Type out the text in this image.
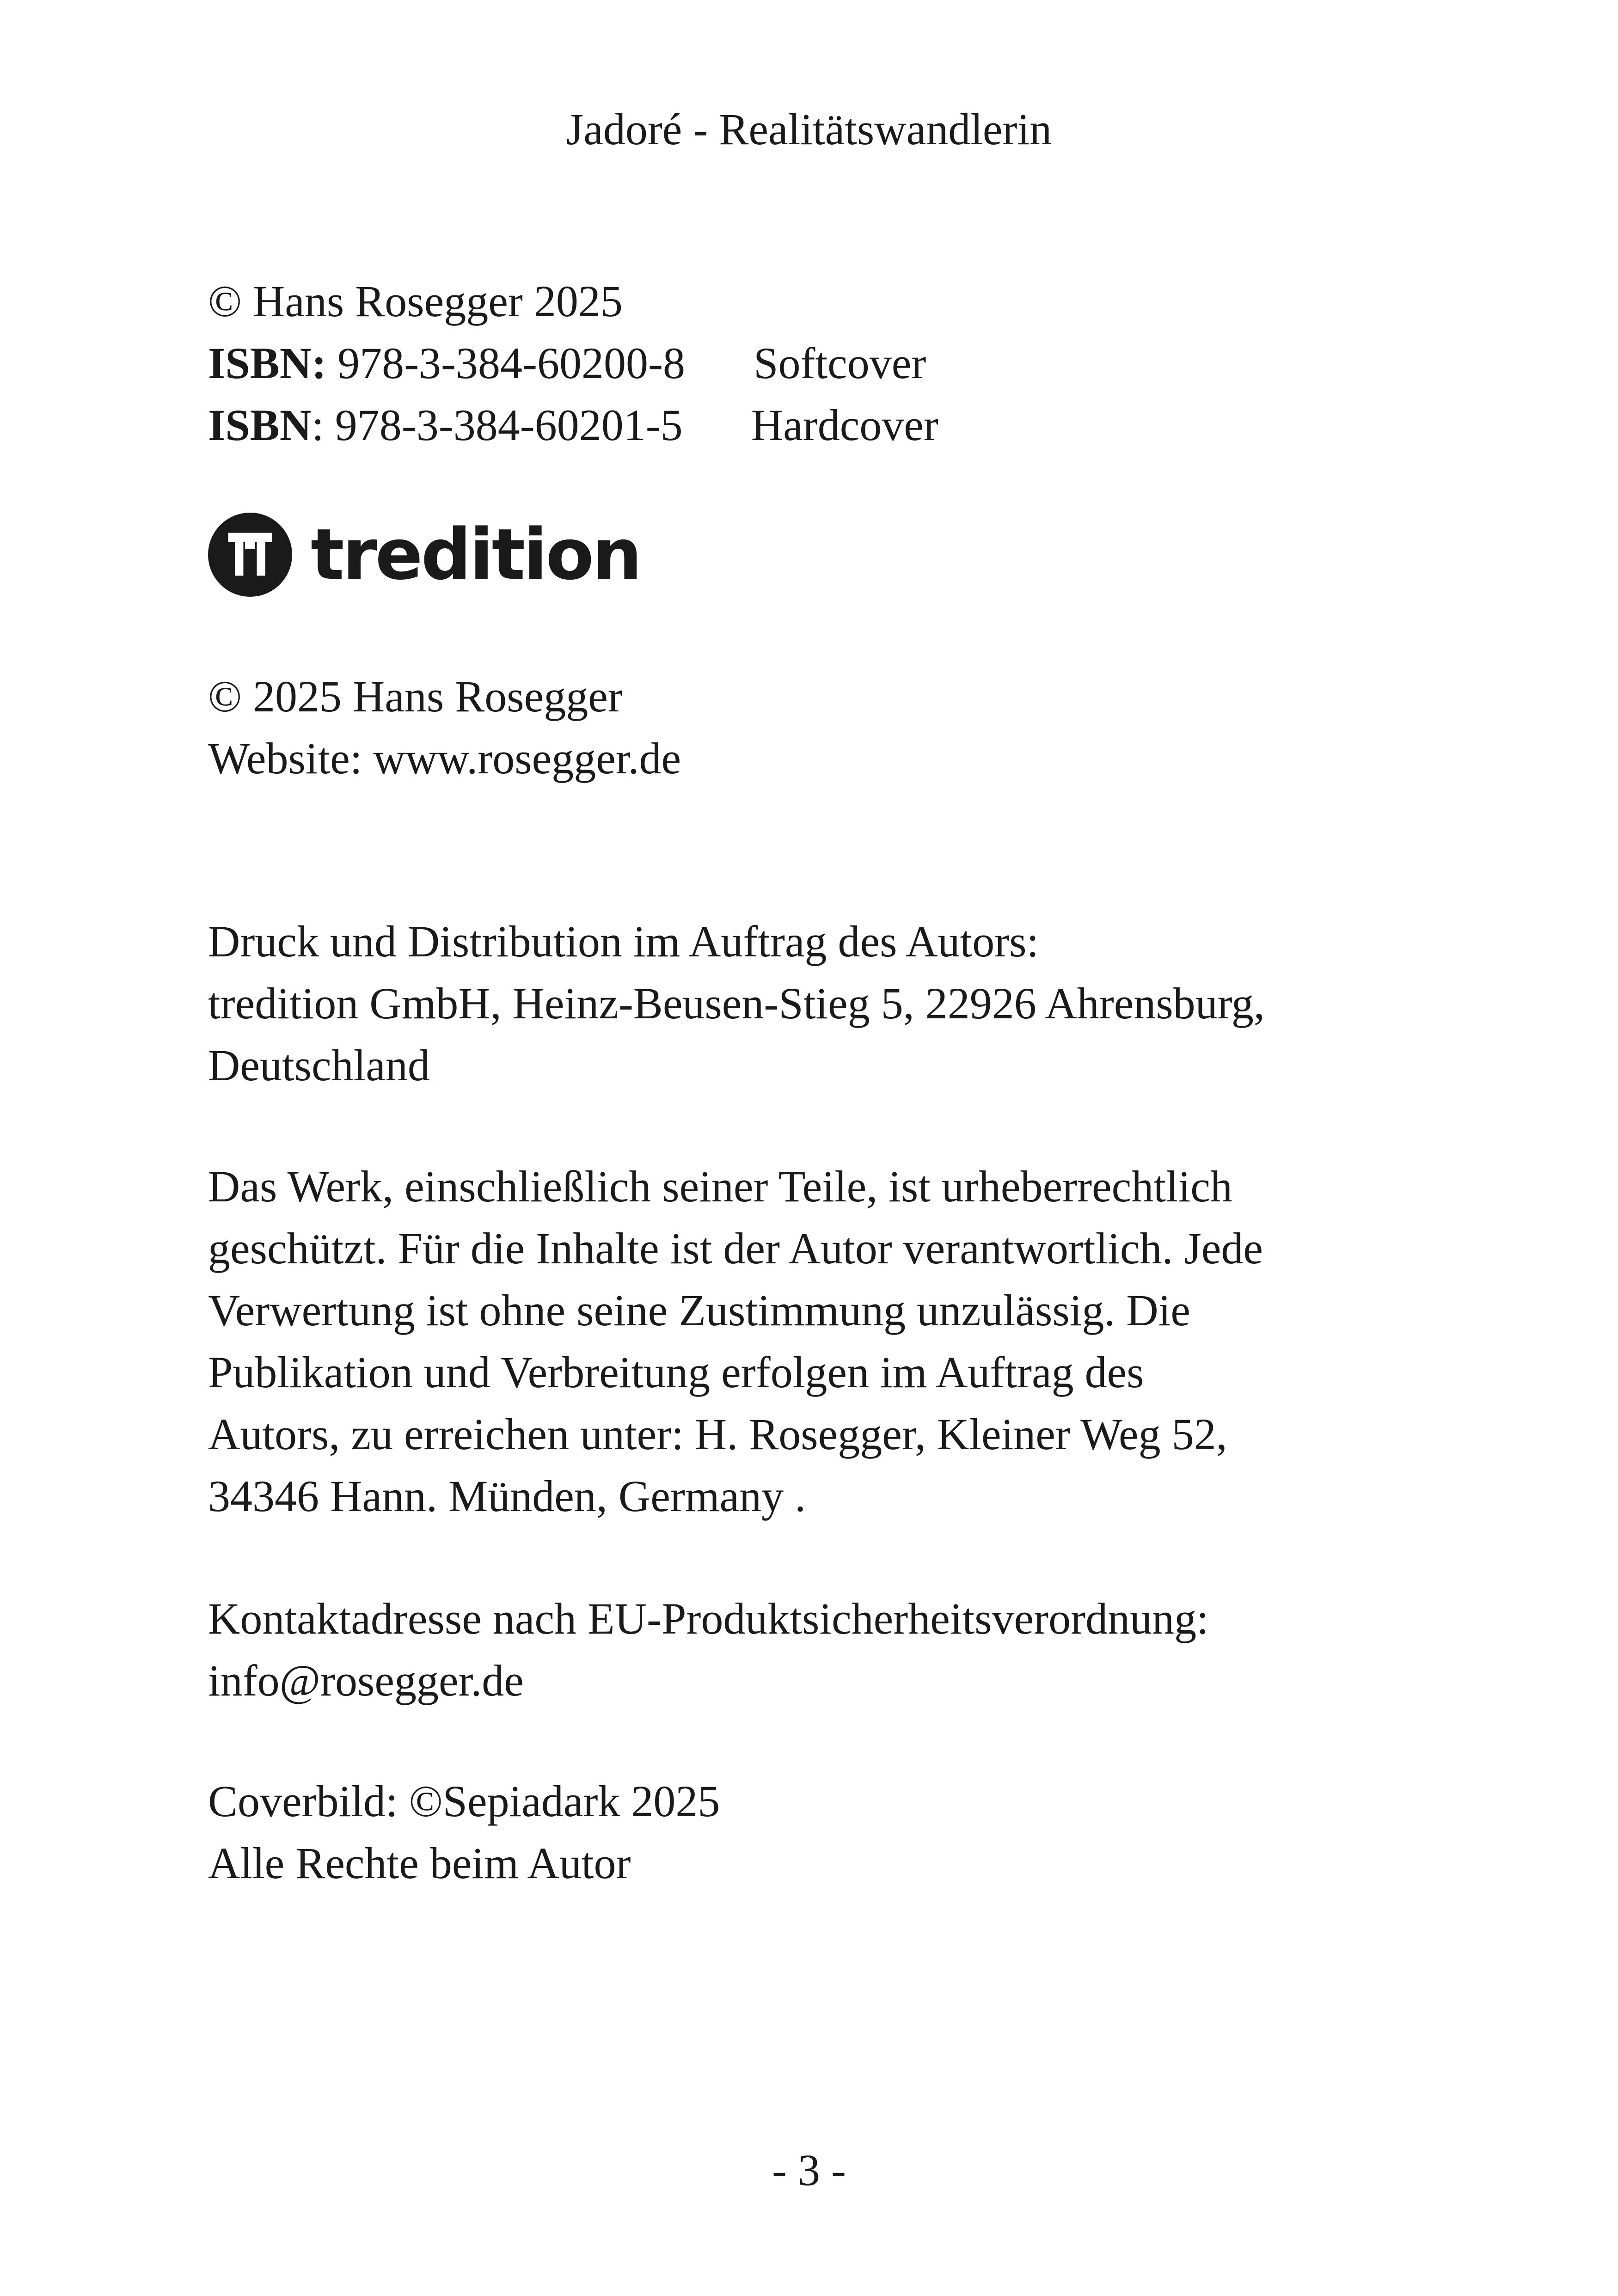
Jadoré - Realitätswandlerin
© Hans Rosegger 2025
ISBN:
978-3-384-60200-8	Softcover
ISBN :
978-3-384-60201-5	Hardcover
tredition
© 2025 Hans Rosegger
Website: www.rosegger.de
Druck und Distribution im Auftrag des Autors:
tredition GmbH, Heinz-Beusen-Stieg 5, 22926 Ahrensburg,
Deutschland
Das Werk, einschließlich seiner Teile, ist urheberrechtlich
geschützt. Für die Inhalte ist der Autor verantwortlich. Jede
Verwertung ist ohne seine Zustimmung unzulässig. Die
Publikation und Verbreitung erfolgen im Auftrag des
Autors, zu erreichen unter: H. Rosegger, Kleiner Weg 52,
34346 Hann. Münden, Germany .
Kontaktadresse nach EU-Produktsicherheitsverordnung:
info@rosegger.de
Coverbild: ©Sepiadark 2025
Alle Rechte beim Autor
- 3 -
